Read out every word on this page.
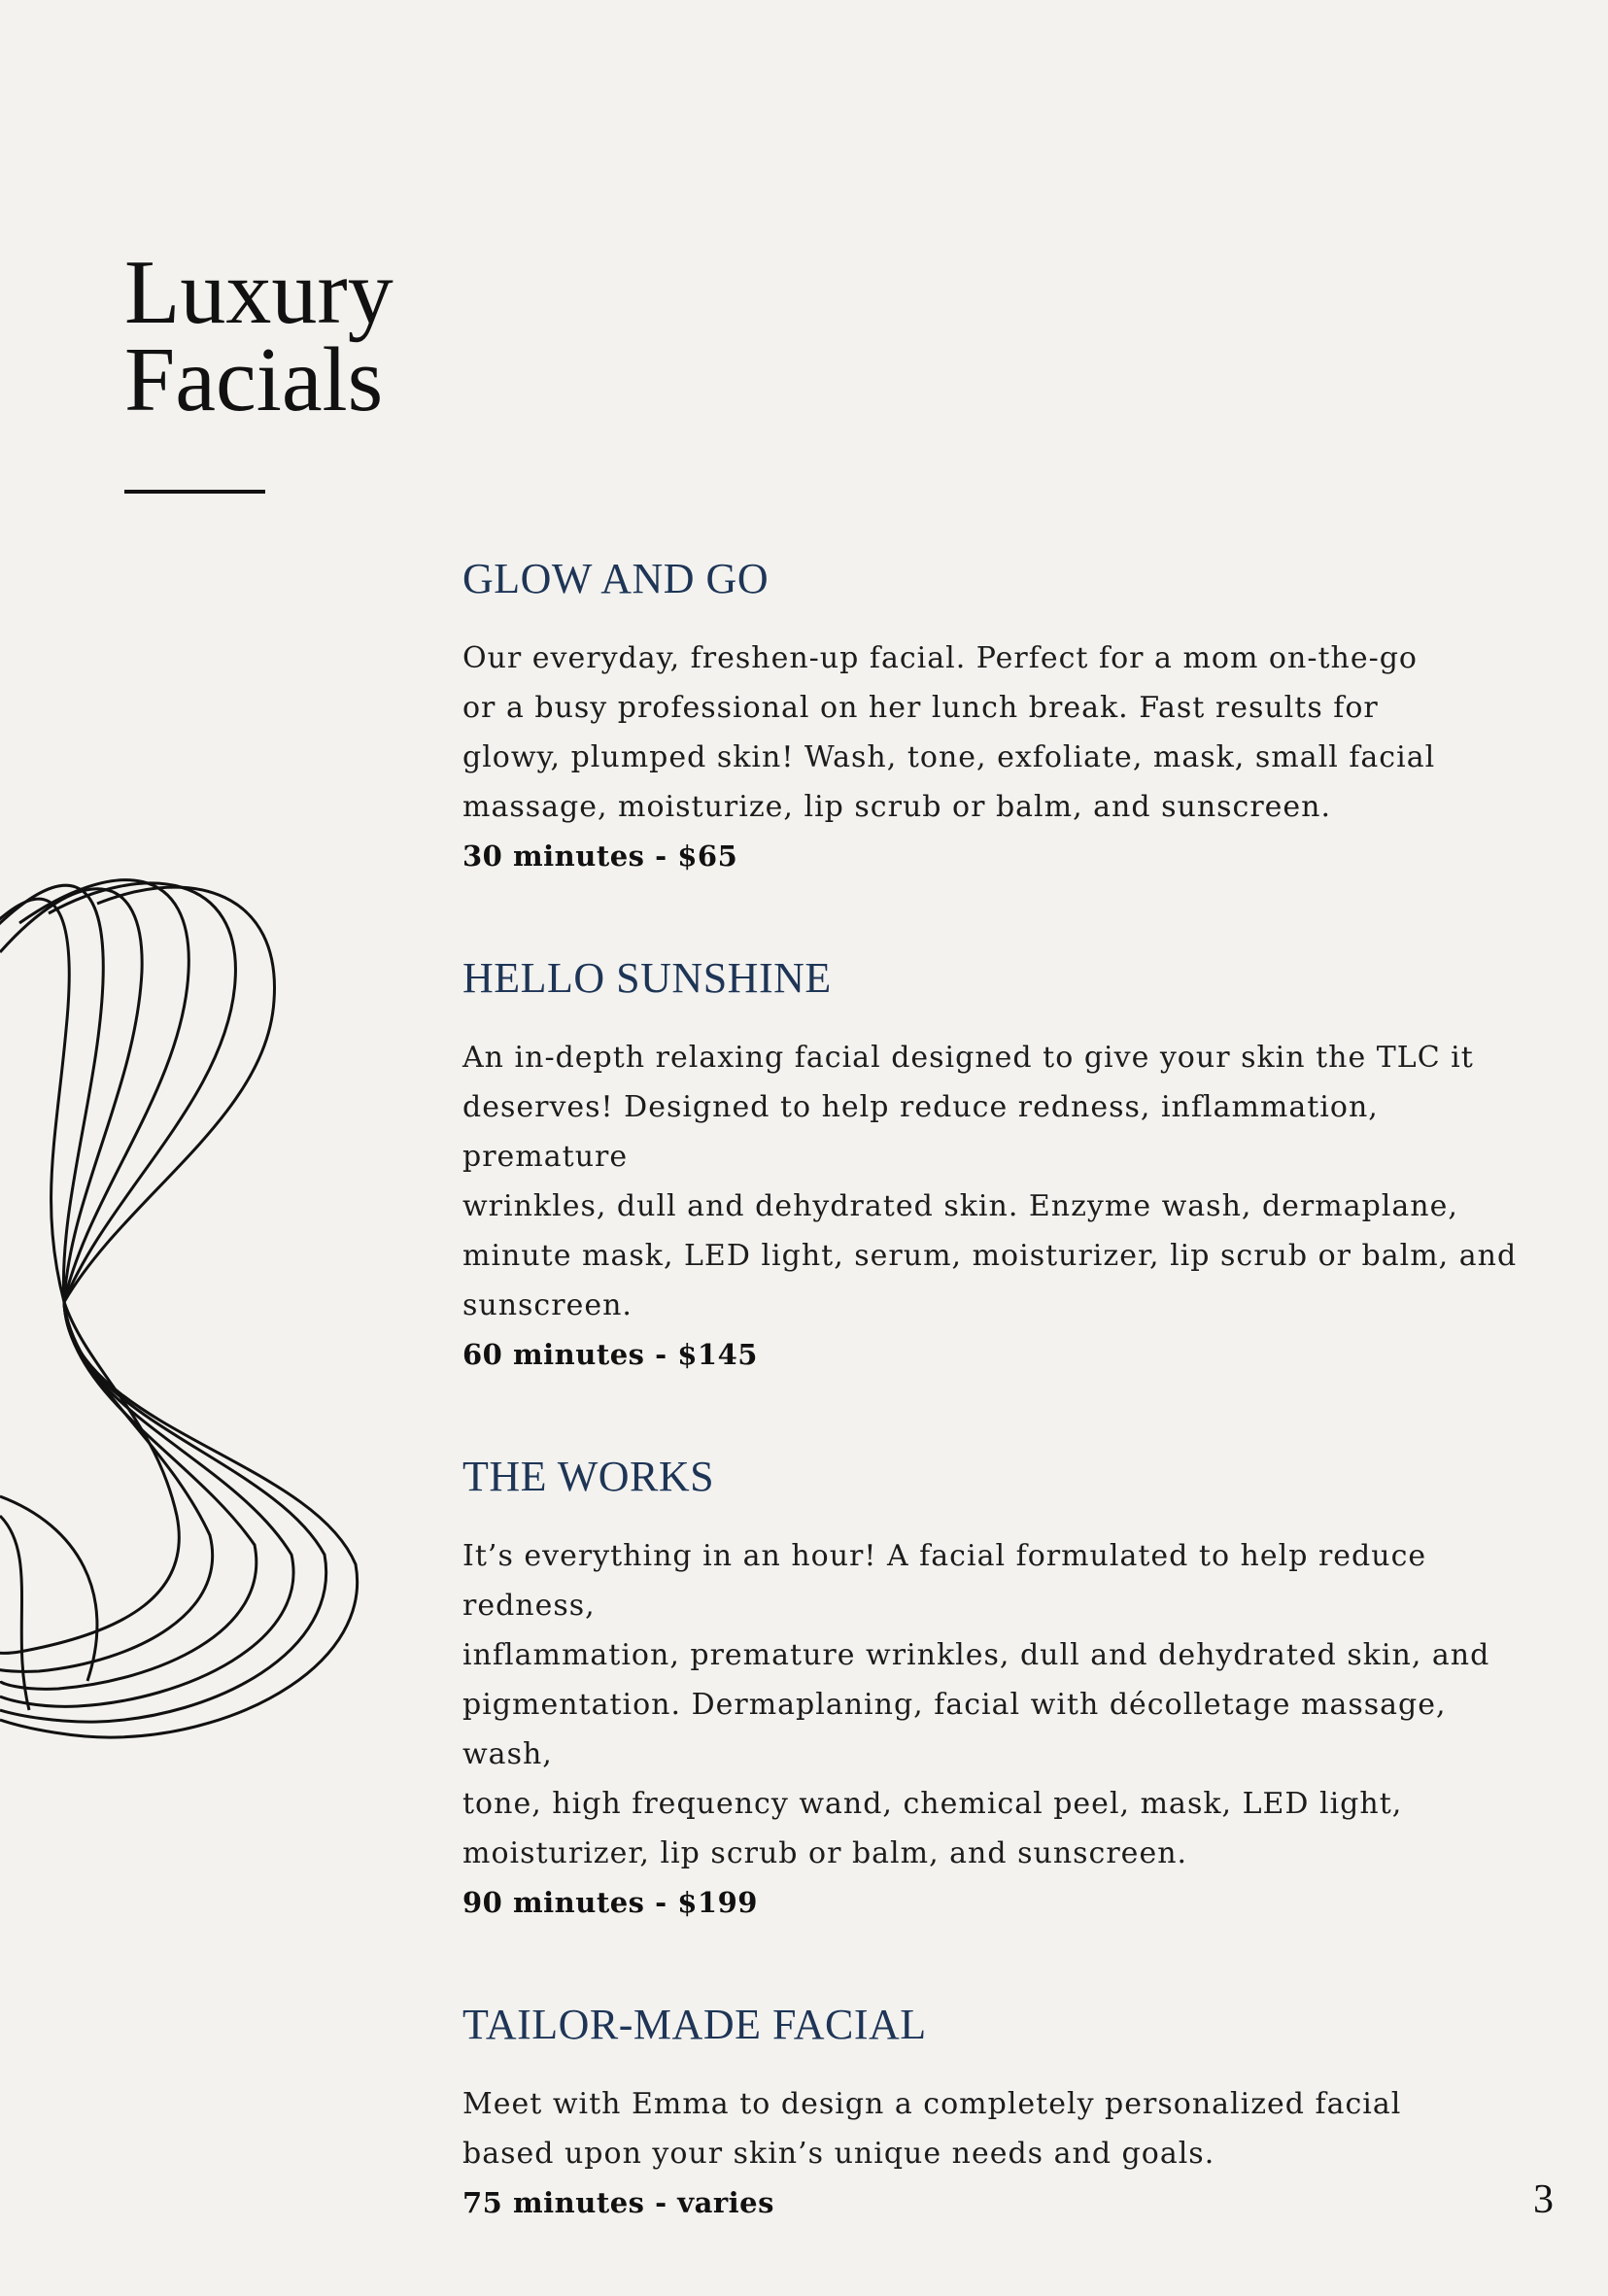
Luxury
Facials
GLOW AND GO

Our everyday, freshen-up facial. Perfect for a mom on-the-go
or a busy professional on her lunch break. Fast results for
glowy, plumped skin! Wash, tone, exfoliate, mask, small facial
massage, moisturize, lip scrub or balm, and sunscreen.

30 minutes - $65

HELLO SUNSHINE

An in-depth relaxing facial designed to give your skin the TLC it
deserves! Designed to help reduce redness, inflammation, premature
wrinkles, dull and dehydrated skin. Enzyme wash, dermaplane,
minute mask, LED light, serum, moisturizer, lip scrub or balm, and
sunscreen.

60 minutes - $145

THE WORKS

It’s everything in an hour! A facial formulated to help reduce redness,
inflammation, premature wrinkles, dull and dehydrated skin, and
pigmentation. Dermaplaning, facial with décolletage massage, wash,
tone, high frequency wand, chemical peel, mask, LED light,
moisturizer, lip scrub or balm, and sunscreen.

90 minutes - $199

TAILOR-MADE FACIAL

Meet with Emma to design a completely personalized facial
based upon your skin’s unique needs and goals.

75 minutes - varies	3
